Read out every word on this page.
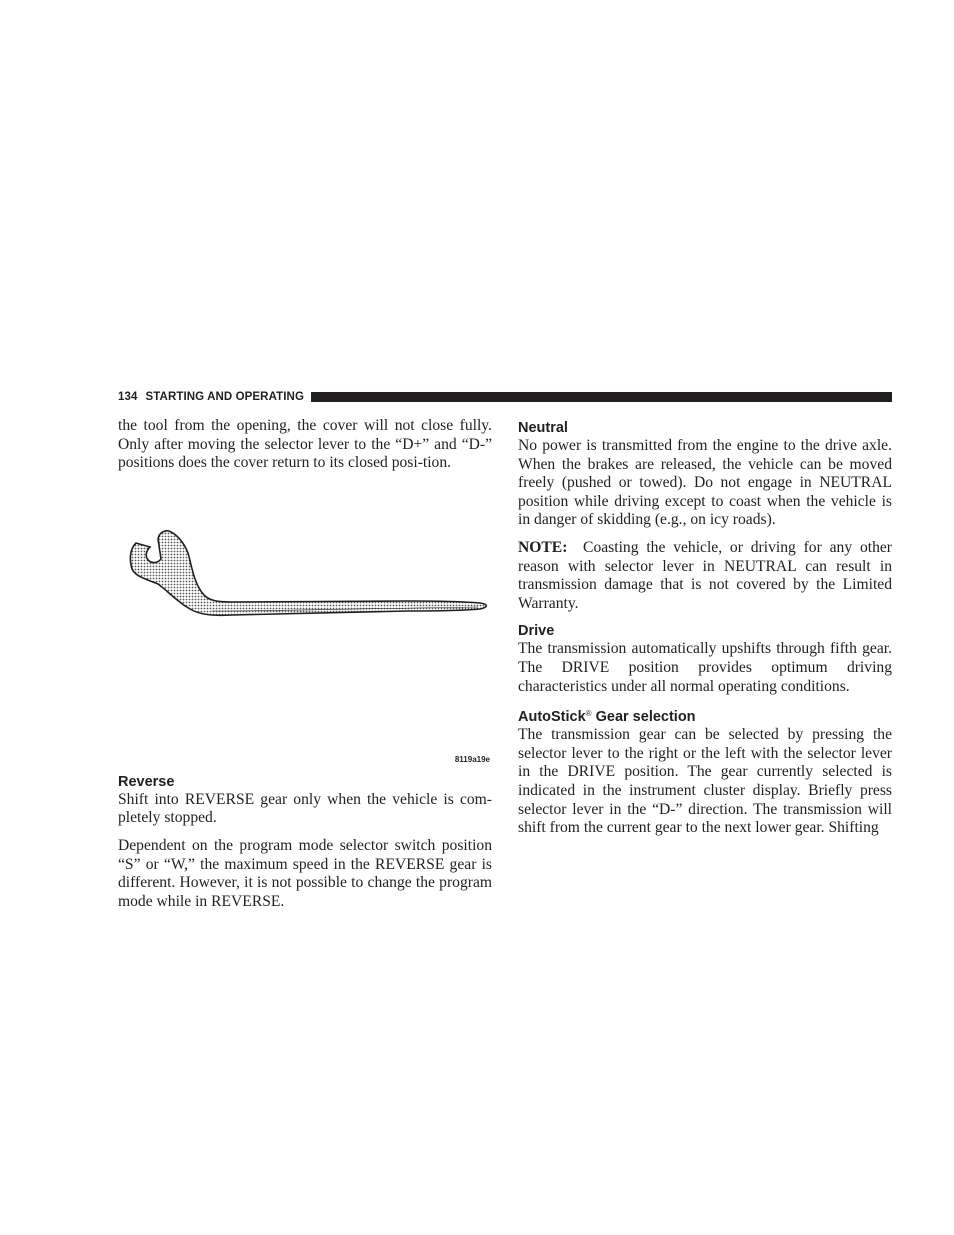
134 STARTING AND OPERATING

the tool from the opening, the cover will not close fully. Only after moving the selector lever to the “D+” and “D-” positions does the cover return to its closed posi-tion.

8119a19e
Reverse

Shift into REVERSE gear only when the vehicle is com-pletely stopped.

Dependent on the program mode selector switch position “S” or “W,” the maximum speed in the REVERSE gear is different. However, it is not possible to change the program mode while in REVERSE.

Neutral

No power is transmitted from the engine to the drive axle. When the brakes are released, the vehicle can be moved freely (pushed or towed). Do not engage in NEUTRAL position while driving except to coast when the vehicle is in danger of skidding (e.g., on icy roads).

NOTE: Coasting the vehicle, or driving for any other reason with selector lever in NEUTRAL can result in transmission damage that is not covered by the Limited Warranty.

Drive

The transmission automatically upshifts through fifth gear. The DRIVE position provides optimum driving characteristics under all normal operating conditions.

AutoStick® Gear selection

The transmission gear can be selected by pressing the selector lever to the right or the left with the selector lever in the DRIVE position. The gear currently selected is indicated in the instrument cluster display. Briefly press selector lever in the “D-” direction. The transmission will shift from the current gear to the next lower gear. Shifting
